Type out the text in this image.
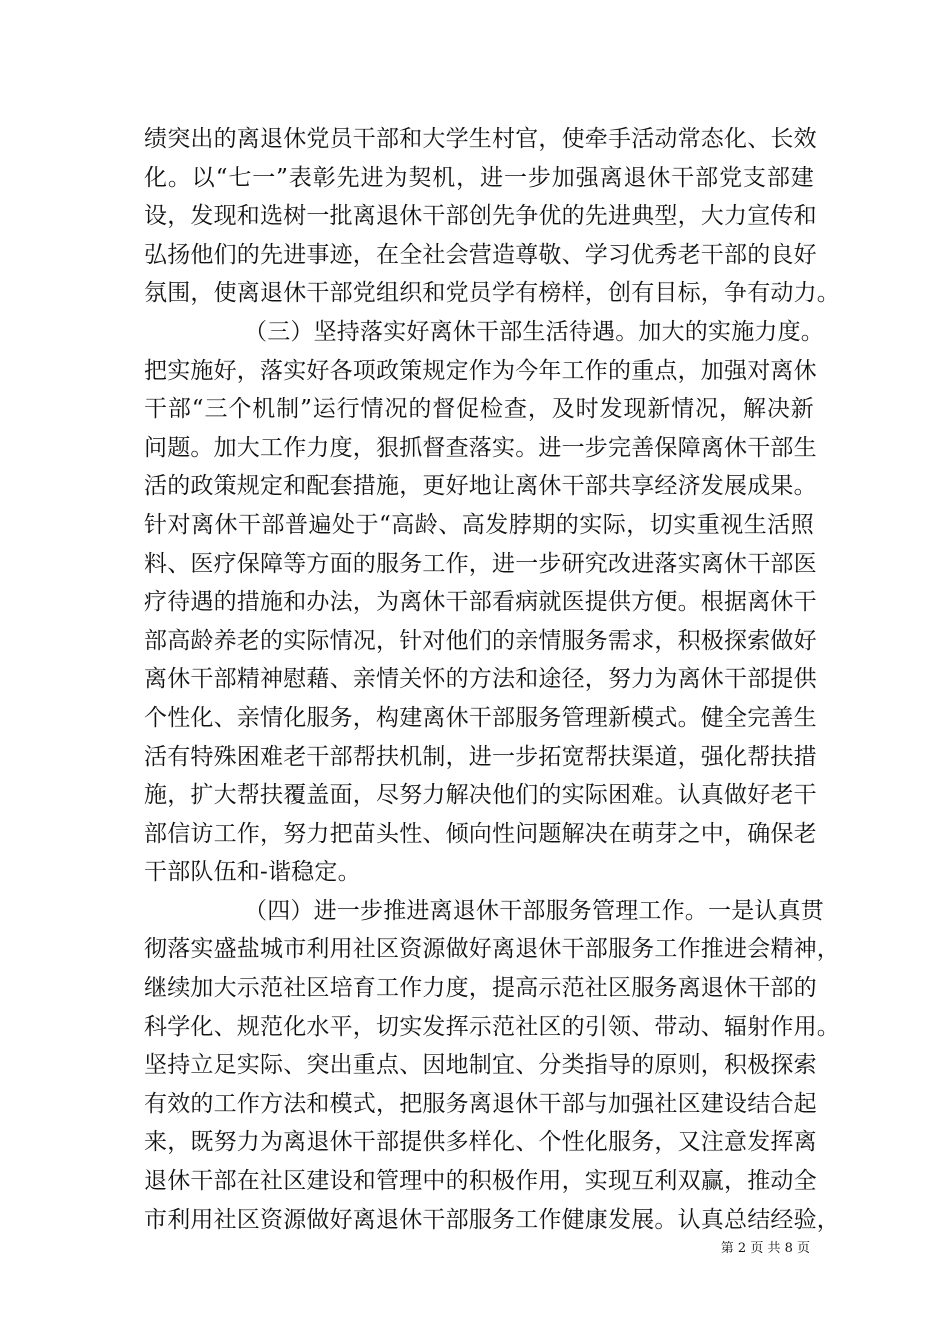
绩突出的离退休党员干部和大学生村官，使牵手活动常态化、长效
化。以“七一”表彰先进为契机，进一步加强离退休干部党支部建
设，发现和选树一批离退休干部创先争优的先进典型，大力宣传和
弘扬他们的先进事迹，在全社会营造尊敬、学习优秀老干部的良好
氛围，使离退休干部党组织和党员学有榜样，创有目标，争有动力。
（三）坚持落实好离休干部生活待遇。加大的实施力度。
把实施好，落实好各项政策规定作为今年工作的重点，加强对离休
干部“三个机制”运行情况的督促检查，及时发现新情况，解决新
问题。加大工作力度，狠抓督查落实。进一步完善保障离休干部生
活的政策规定和配套措施，更好地让离休干部共享经济发展成果。
针对离休干部普遍处于“高龄、高发脖期的实际，切实重视生活照
料、医疗保障等方面的服务工作，进一步研究改进落实离休干部医
疗待遇的措施和办法，为离休干部看病就医提供方便。根据离休干
部高龄养老的实际情况，针对他们的亲情服务需求，积极探索做好
离休干部精神慰藉、亲情关怀的方法和途径，努力为离休干部提供
个性化、亲情化服务，构建离休干部服务管理新模式。健全完善生
活有特殊困难老干部帮扶机制，进一步拓宽帮扶渠道，强化帮扶措
施，扩大帮扶覆盖面，尽努力解决他们的实际困难。认真做好老干
部信访工作，努力把苗头性、倾向性问题解决在萌芽之中，确保老
干部队伍和-谐稳定。
（四）进一步推进离退休干部服务管理工作。一是认真贯
彻落实盛盐城市利用社区资源做好离退休干部服务工作推进会精神，
继续加大示范社区培育工作力度，提高示范社区服务离退休干部的
科学化、规范化水平，切实发挥示范社区的引领、带动、辐射作用。
坚持立足实际、突出重点、因地制宜、分类指导的原则，积极探索
有效的工作方法和模式，把服务离退休干部与加强社区建设结合起
来，既努力为离退休干部提供多样化、个性化服务，又注意发挥离
退休干部在社区建设和管理中的积极作用，实现互利双赢，推动全
市利用社区资源做好离退休干部服务工作健康发展。认真总结经验，
第 2 页 共 8 页
